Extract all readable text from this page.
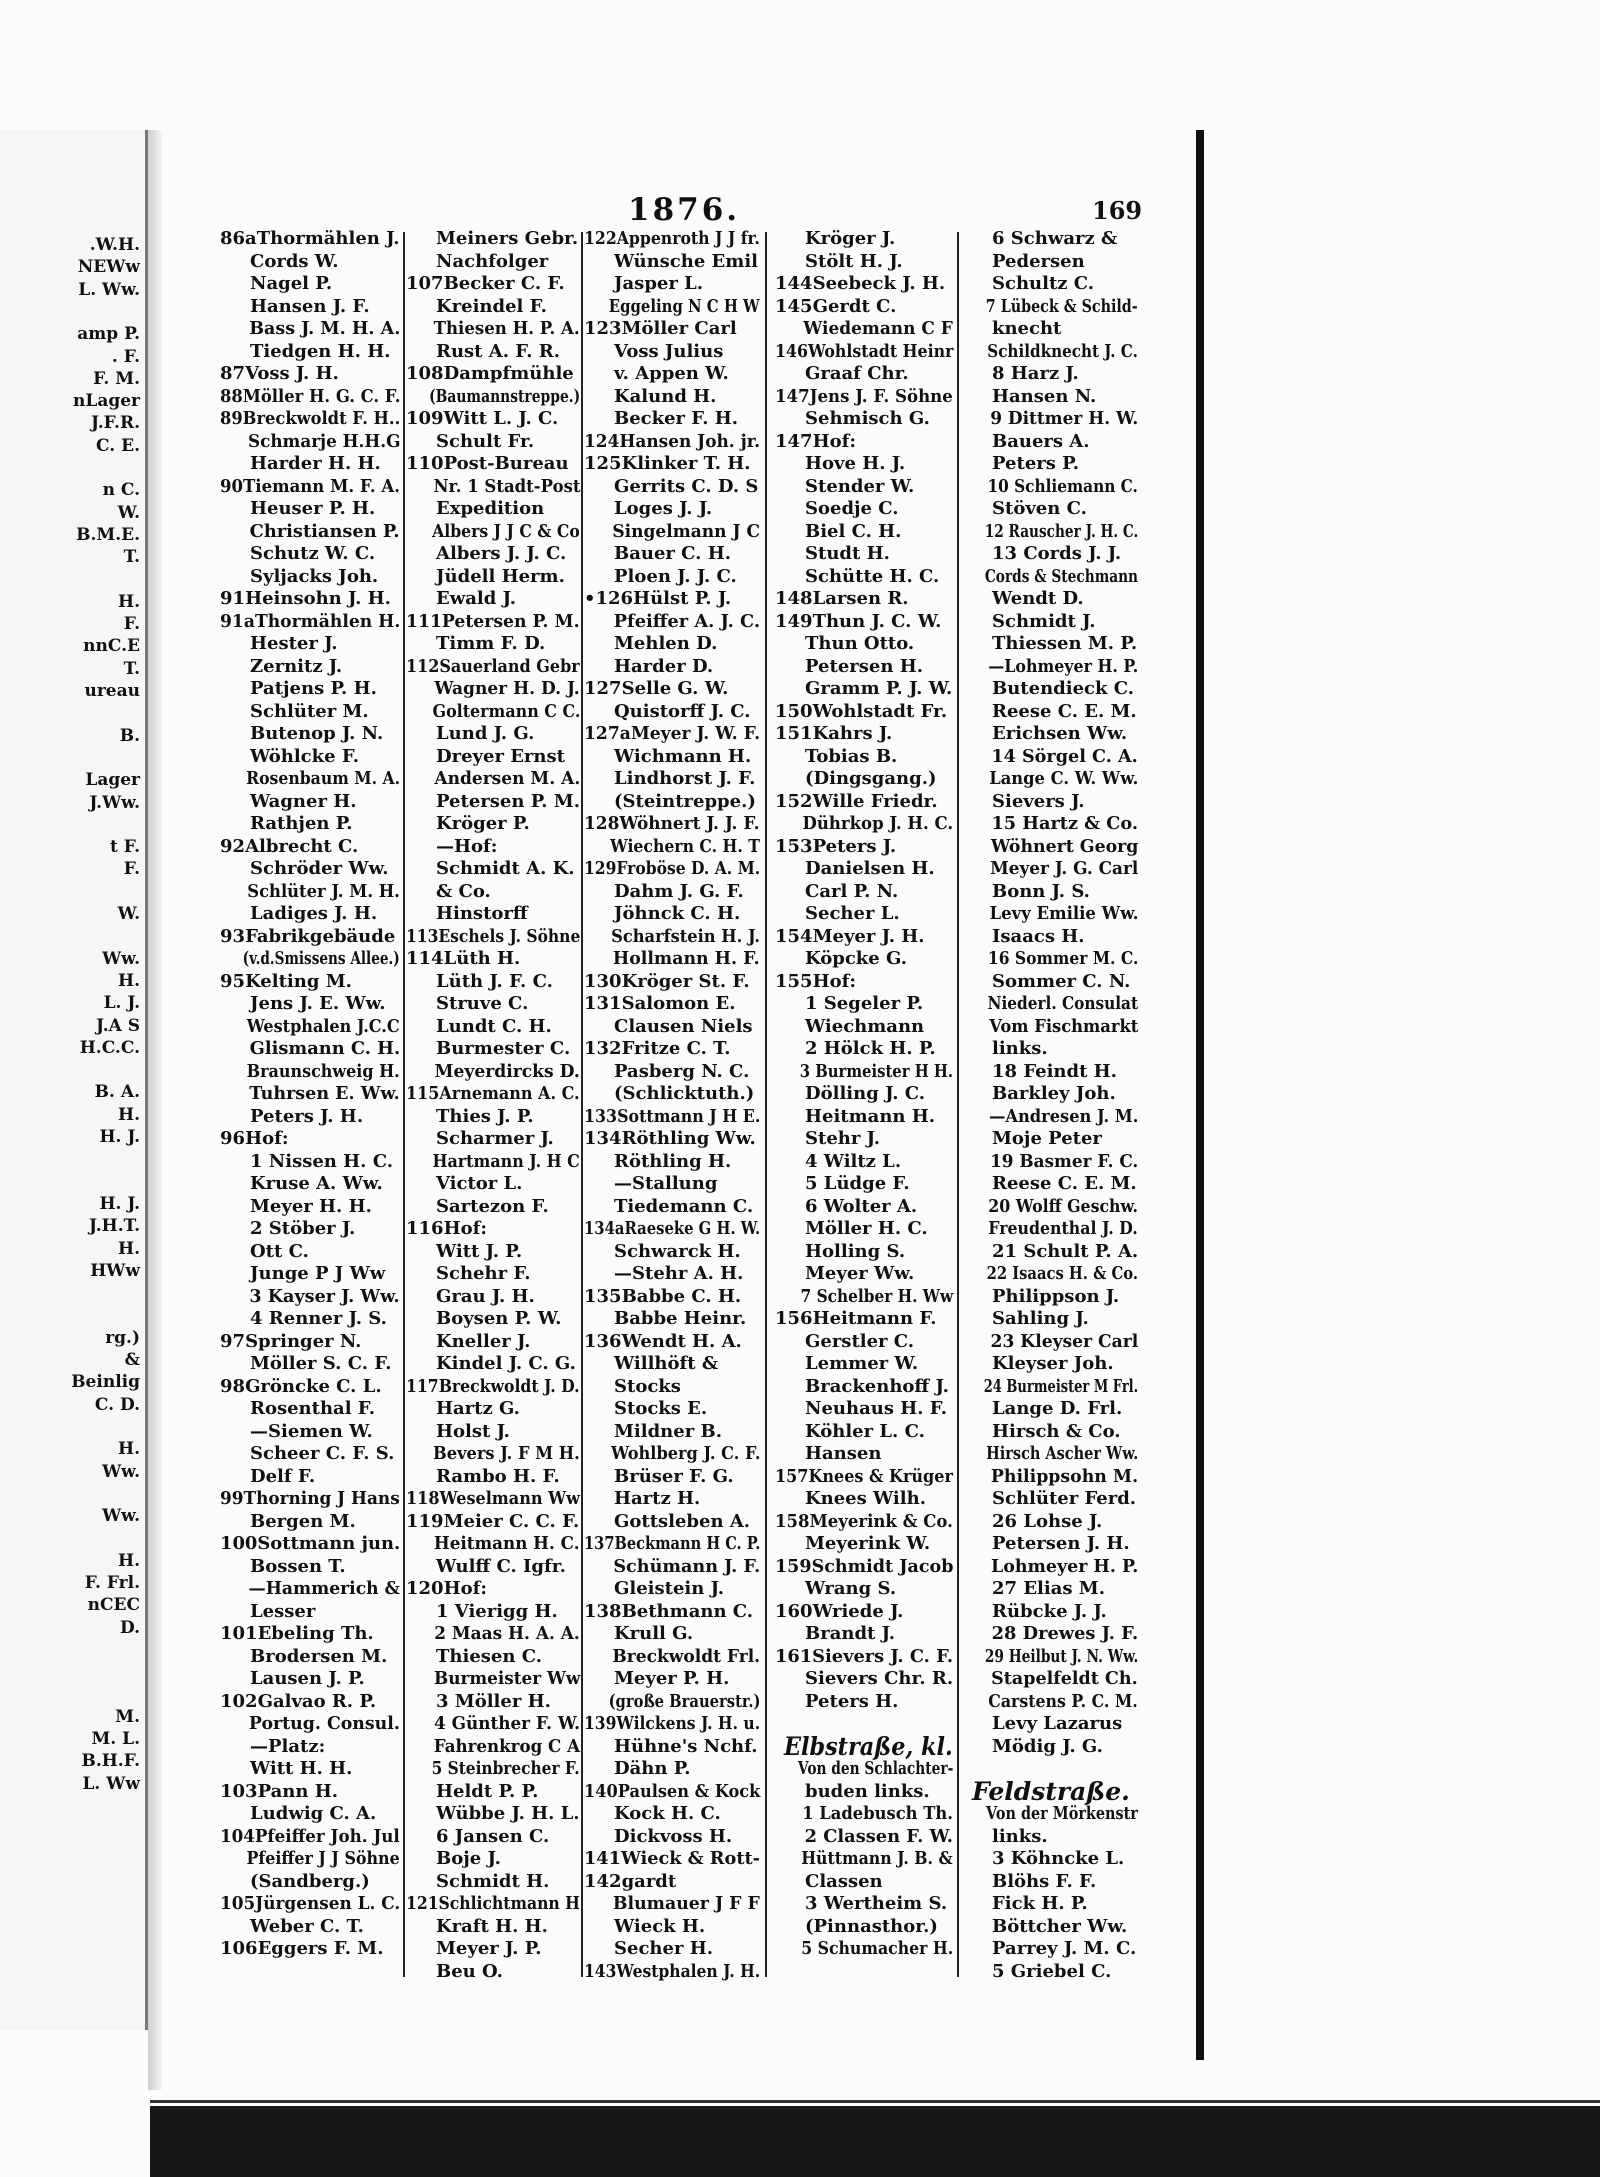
.W.H.
NEWw
L. Ww.
amp P.
. F.
F. M.
nLager
J.F.R.
C. E.
n C.
W.
B.M.E.
T.
H.
F.
nnC.E
T.
ureau
B.
Lager
J.Ww.
t F.
F.
W.
Ww.
H.
L. J.
J.A S
H.C.C.
B. A.
H.
H. J.
H. J.
J.H.T.
H.
HWw
rg.)
&
Beinlig
C. D.
H.
Ww.
Ww.
H.
F. Frl.
nCEC
D.
M.
M. L.
B.H.F.
L. Ww
1876.	169
86aThormählen J.
Cords W.
Nagel P.
Hansen J. F.
Bass J. M. H. A.
Tiedgen H. H.
87Voss J. H.
88Möller H. G. C. F.
89Breckwoldt F. H..
Schmarje H.H.G
Harder H. H.
90Tiemann M. F. A.
Heuser P. H.
Christiansen P.
Schutz W. C.
Syljacks Joh.
91Heinsohn J. H.
91aThormählen H.
Hester J.
Zernitz J.
Patjens P. H.
Schlüter M.
Butenop J. N.
Wöhlcke F.
Rosenbaum M. A.
Wagner H.
Rathjen P.
92Albrecht C.
Schröder Ww.
Schlüter J. M. H.
Ladiges J. H.
93Fabrikgebäude
(v.d.Smissens Allee.)
95Kelting M.
Jens J. E. Ww.
Westphalen J.C.C
Glismann C. H.
Braunschweig H.
Tuhrsen E. Ww.
Peters J. H.
96Hof:
1 Nissen H. C.
Kruse A. Ww.
Meyer H. H.
2 Stöber J.
Ott C.
Junge P J Ww
3 Kayser J. Ww.
4 Renner J. S.
97Springer N.
Möller S. C. F.
98Gröncke C. L.
Rosenthal F.
—Siemen W.
Scheer C. F. S.
Delf F.
99Thorning J Hans
Bergen M.
100Sottmann jun.
Bossen T.
—Hammerich &
Lesser
101Ebeling Th.
Brodersen M.
Lausen J. P.
102Galvao R. P.
Portug. Consul.
—Platz:
Witt H. H.
103Pann H.
Ludwig C. A.
104Pfeiffer Joh. Jul
Pfeiffer J J Söhne
(Sandberg.)
105Jürgensen L. C.
Weber C. T.
106Eggers F. M.
Meiners Gebr.
Nachfolger
107Becker C. F.
Kreindel F.
Thiesen H. P. A.
Rust A. F. R.
108Dampfmühle
(Baumannstreppe.)
109Witt L. J. C.
Schult Fr.
110Post-Bureau
Nr. 1 Stadt-Post
Expedition
Albers J J C & Co
Albers J. J. C.
Jüdell Herm.
Ewald J.
111Petersen P. M.
Timm F. D.
112Sauerland Gebr
Wagner H. D. J.
Goltermann C C.
Lund J. G.
Dreyer Ernst
Andersen M. A.
Petersen P. M.
Kröger P.
—Hof:
Schmidt A. K.
& Co.
Hinstorff
113Eschels J. Söhne
114Lüth H.
Lüth J. F. C.
Struve C.
Lundt C. H.
Burmester C.
Meyerdircks D.
115Arnemann A. C.
Thies J. P.
Scharmer J.
Hartmann J. H C
Victor L.
Sartezon F.
116Hof:
Witt J. P.
Schehr F.
Grau J. H.
Boysen P. W.
Kneller J.
Kindel J. C. G.
117Breckwoldt J. D.
Hartz G.
Holst J.
Bevers J. F M H.
Rambo H. F.
118Weselmann Ww
119Meier C. C. F.
Heitmann H. C.
Wulff C. Igfr.
120Hof:
1 Vierigg H.
2 Maas H. A. A.
Thiesen C.
Burmeister Ww
3 Möller H.
4 Günther F. W.
Fahrenkrog C A
5 Steinbrecher F.
Heldt P. P.
Wübbe J. H. L.
6 Jansen C.
Boje J.
Schmidt H.
121Schlichtmann H
Kraft H. H.
Meyer J. P.
Beu O.
122Appenroth J J fr.
Wünsche Emil
Jasper L.
Eggeling N C H W
123Möller Carl
Voss Julius
v. Appen W.
Kalund H.
Becker F. H.
124Hansen Joh. jr.
125Klinker T. H.
Gerrits C. D. S
Loges J. J.
Singelmann J C
Bauer C. H.
Ploen J. J. C.
•126Hülst P. J.
Pfeiffer A. J. C.
Mehlen D.
Harder D.
127Selle G. W.
Quistorff J. C.
127aMeyer J. W. F.
Wichmann H.
Lindhorst J. F.
(Steintreppe.)
128Wöhnert J. J. F.
Wiechern C. H. T
129Froböse D. A. M.
Dahm J. G. F.
Jöhnck C. H.
Scharfstein H. J.
Hollmann H. F.
130Kröger St. F.
131Salomon E.
Clausen Niels
132Fritze C. T.
Pasberg N. C.
(Schlicktuth.)
133Sottmann J H E.
134Röthling Ww.
Röthling H.
—Stallung
Tiedemann C.
134aRaeseke G H. W.
Schwarck H.
—Stehr A. H.
135Babbe C. H.
Babbe Heinr.
136Wendt H. A.
Willhöft &
Stocks
Stocks E.
Mildner B.
Wohlberg J. C. F.
Brüser F. G.
Hartz H.
Gottsleben A.
137Beckmann H C. P.
Schümann J. F.
Gleistein J.
138Bethmann C.
Krull G.
Breckwoldt Frl.
Meyer P. H.
(große Brauerstr.)
139Wilckens J. H. u.
Hühne's Nchf.
Dähn P.
140Paulsen & Kock
Kock H. C.
Dickvoss H.
141Wieck & Rott-
142gardt
Blumauer J F F
Wieck H.
Secher H.
143Westphalen J. H.
Kröger J.
Stölt H. J.
144Seebeck J. H.
145Gerdt C.
Wiedemann C F
146Wohlstadt Heinr
Graaf Chr.
147Jens J. F. Söhne
Sehmisch G.
147Hof:
Hove H. J.
Stender W.
Soedje C.
Biel C. H.
Studt H.
Schütte H. C.
148Larsen R.
149Thun J. C. W.
Thun Otto.
Petersen H.
Gramm P. J. W.
150Wohlstadt Fr.
151Kahrs J.
Tobias B.
(Dingsgang.)
152Wille Friedr.
Dührkop J. H. C.
153Peters J.
Danielsen H.
Carl P. N.
Secher L.
154Meyer J. H.
Köpcke G.
155Hof:
1 Segeler P.
Wiechmann
2 Hölck H. P.
3 Burmeister H H.
Dölling J. C.
Heitmann H.
Stehr J.
4 Wiltz L.
5 Lüdge F.
6 Wolter A.
Möller H. C.
Holling S.
Meyer Ww.
7 Schelber H. Ww
156Heitmann F.
Gerstler C.
Lemmer W.
Brackenhoff J.
Neuhaus H. F.
Köhler L. C.
Hansen
157Knees & Krüger
Knees Wilh.
158Meyerink & Co.
Meyerink W.
159Schmidt Jacob
Wrang S.
160Wriede J.
Brandt J.
161Sievers J. C. F.
Sievers Chr. R.
Peters H.
Elbstraße, kl.
Von den Schlachter-
buden links.
1 Ladebusch Th.
2 Classen F. W.
Hüttmann J. B. &
Classen
3 Wertheim S.
(Pinnasthor.)
5 Schumacher H.
6 Schwarz &
Pedersen
Schultz C.
7 Lübeck & Schild-
knecht
Schildknecht J. C.
8 Harz J.
Hansen N.
9 Dittmer H. W.
Bauers A.
Peters P.
10 Schliemann C.
Stöven C.
12 Rauscher J. H. C.
13 Cords J. J.
Cords & Stechmann
Wendt D.
Schmidt J.
Thiessen M. P.
—Lohmeyer H. P.
Butendieck C.
Reese C. E. M.
Erichsen Ww.
14 Sörgel C. A.
Lange C. W. Ww.
Sievers J.
15 Hartz & Co.
Wöhnert Georg
Meyer J. G. Carl
Bonn J. S.
Levy Emilie Ww.
Isaacs H.
16 Sommer M. C.
Sommer C. N.
Niederl. Consulat
Vom Fischmarkt
links.
18 Feindt H.
Barkley Joh.
—Andresen J. M.
Moje Peter
19 Basmer F. C.
Reese C. E. M.
20 Wolff Geschw.
Freudenthal J. D.
21 Schult P. A.
22 Isaacs H. & Co.
Philippson J.
Sahling J.
23 Kleyser Carl
Kleyser Joh.
24 Burmeister M Frl.
Lange D. Frl.
Hirsch & Co.
Hirsch Ascher Ww.
Philippsohn M.
Schlüter Ferd.
26 Lohse J.
Petersen J. H.
Lohmeyer H. P.
27 Elias M.
Rübcke J. J.
28 Drewes J. F.
29 Heilbut J. N. Ww.
Stapelfeldt Ch.
Carstens P. C. M.
Levy Lazarus
Mödig J. G.
Feldstraße.
Von der Mörkenstr
links.
3 Köhncke L.
Blöhs F. F.
Fick H. P.
Böttcher Ww.
Parrey J. M. C.
5 Griebel C.
